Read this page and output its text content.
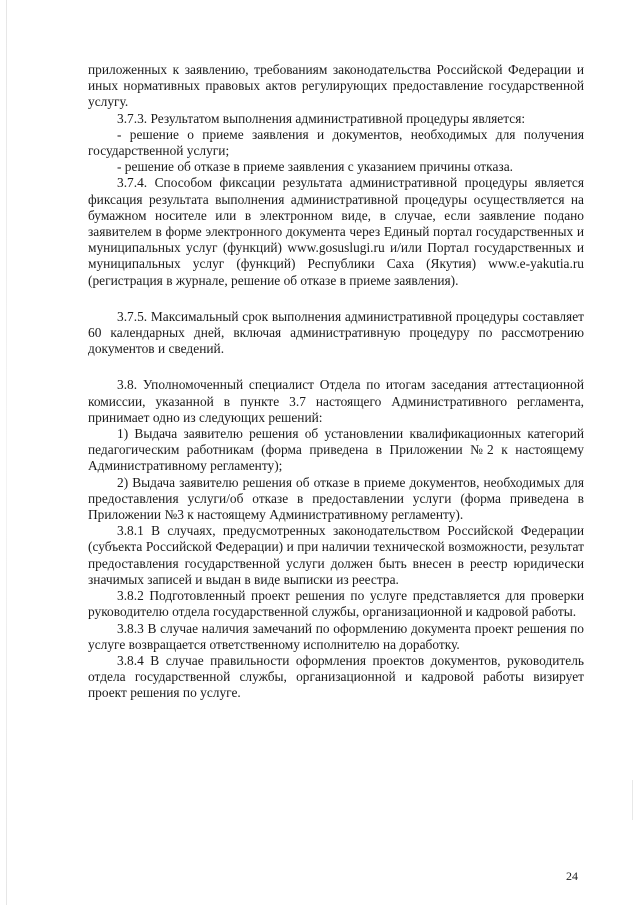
приложенных к заявлению, требованиям законодательства Российской Федерации и иных нормативных правовых актов регулирующих предоставление государственной услугу.

3.7.3. Результатом выполнения административной процедуры является:

- решение о приеме заявления и документов, необходимых для получения государственной услуги;

- решение об отказе в приеме заявления с указанием причины отказа.

3.7.4. Способом фиксации результата административной процедуры является фиксация результата выполнения административной процедуры осуществляется на бумажном носителе или в электронном виде, в случае, если заявление подано заявителем в форме электронного документа через Единый портал государственных и муниципальных услуг (функций) www.gosuslugi.ru и/или Портал государственных и муниципальных услуг (функций) Республики Саха (Якутия) www.e-yakutia.ru (регистрация в журнале, решение об отказе в приеме заявления).

3.7.5. Максимальный срок выполнения административной процедуры составляет 60 календарных дней, включая административную процедуру по рассмотрению документов и сведений.

3.8. Уполномоченный специалист Отдела по итогам заседания аттестационной комиссии, указанной в пункте 3.7 настоящего Административного регламента, принимает одно из следующих решений:

1) Выдача заявителю решения об установлении квалификационных категорий педагогическим работникам (форма приведена в Приложении №2 к настоящему Административному регламенту);

2) Выдача заявителю решения об отказе в приеме документов, необходимых для предоставления услуги/об отказе в предоставлении услуги (форма приведена в Приложении №3 к настоящему Административному регламенту).

3.8.1 В случаях, предусмотренных законодательством Российской Федерации (субъекта Российской Федерации) и при наличии технической возможности, результат предоставления государственной услуги должен быть внесен в реестр юридически значимых записей и выдан в виде выписки из реестра.

3.8.2 Подготовленный проект решения по услуге представляется для проверки руководителю отдела государственной службы, организационной и кадровой работы.

3.8.3 В случае наличия замечаний по оформлению документа проект решения по услуге возвращается ответственному исполнителю на доработку.

3.8.4 В случае правильности оформления проектов документов, руководитель отдела государственной службы, организационной и кадровой работы визирует проект решения по услуге.

24
